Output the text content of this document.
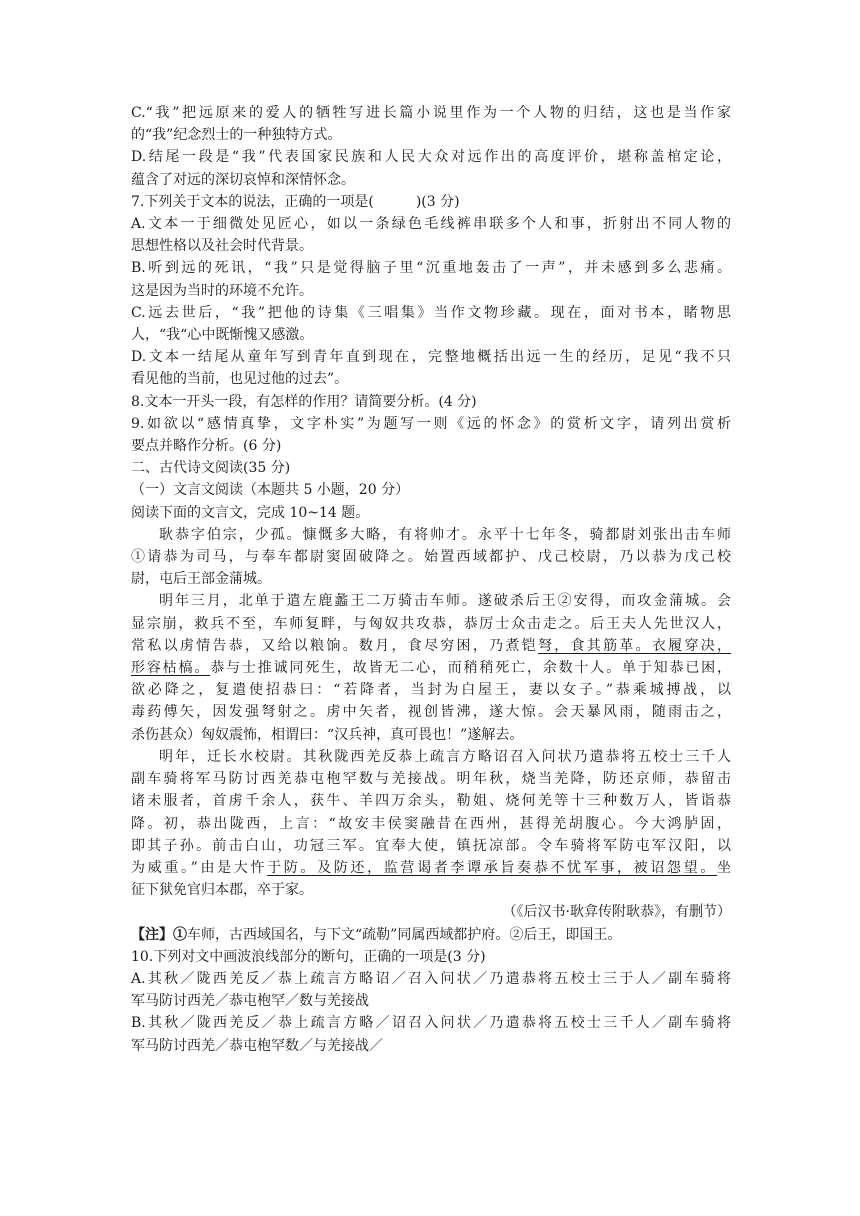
C.“我”把远原来的爱人的牺牲写进长篇小说里作为一个人物的归结，这也是当作家
的“我”纪念烈士的一种独特方式。
D.结尾一段是“我”代表国家民族和人民大众对远作出的高度评价，堪称盖棺定论，
蕴含了对远的深切哀悼和深情怀念。
7.下列关于文本的说法，正确的一项是(　　　)(3 分)
A.文本一于细微处见匠心，如以一条绿色毛线裤串联多个人和事，折射出不同人物的
思想性格以及社会时代背景。
B.听到远的死讯，“我”只是觉得脑子里“沉重地轰击了一声”，并未感到多么悲痛。
这是因为当时的环境不允许。
C.远去世后，“我”把他的诗集《三唱集》当作文物珍藏。现在，面对书本，睹物思
人，“我“心中既惭愧又感激。
D.文本一结尾从童年写到青年直到现在，完整地概括出远一生的经历，足见“我不只
看见他的当前，也见过他的过去”。
8.文本一开头一段，有怎样的作用？请简要分析。(4 分)
9.如欲以“感情真挚，文字朴实”为题写一则《远的怀念》的赏析文字，请列出赏析
要点并略作分析。(6 分)
二、古代诗文阅读(35 分)
（一）文言文阅读（本题共 5 小题，20 分）
阅读下面的文言文，完成 10~14 题。
耿恭字伯宗，少孤。慷慨多大略，有将帅才。永平十七年冬，骑都尉刘张出击车师
①请恭为司马，与奉车都尉窦固破降之。始置西域都护、戊己校尉，乃以恭为戊己校
尉，屯后王部金蒲城。
明年三月，北单于遣左鹿蠡王二万骑击车师。遂破杀后王②安得，而攻金蒲城。会
显宗崩，救兵不至，车师复畔，与匈奴共攻恭，恭厉士众击走之。后王夫人先世汉人，
常私以虏情告恭，又给以粮饷。数月，食尽穷困，乃煮铠弩，食其筋革。衣履穿决，
形容枯槁。恭与士推诚同死生，故皆无二心，而稍稍死亡，余数十人。单于知恭已困，
欲必降之，复遣使招恭曰：“若降者，当封为白屋王，妻以女子。”恭乘城搏战，以
毒药傅矢，因发强弩射之。虏中矢者，视创皆沸，遂大惊。会天暴风雨，随雨击之，
杀伤甚众）匈奴震怖，相谓曰：“汉兵神，真可畏也！”遂解去。
明年，迁长水校尉。其秋陇西羌反恭上疏言方略诏召入问状乃遣恭将五校士三千人
副车骑将军马防讨西羌恭屯枹罕数与羌接战。明年秋，烧当羌降，防还京师，恭留击
诸未服者，首虏千余人，获牛、羊四万余头，勒姐、烧何羌等十三种数万人，皆诣恭
降。初，恭出陇西，上言：“故安丰侯窦融昔在西州，甚得羌胡腹心。今大鸿胪固，
即其子孙。前击白山，功冠三军。宜奉大使，镇抚凉部。令车骑将军防屯军汉阳，以
为威重。”由是大忤于防。及防还，监营谒者李谭承旨奏恭不忧军事，被诏怨望。坐
征下狱免官归本郡，卒于家。
（《后汉书·耿弇传附耿恭》，有删节）
【注】①车师，古西域国名，与下文“疏勒”同属西域都护府。②后王，即国王。
10.下列对文中画波浪线部分的断句，正确的一项是(3 分)
A.其秋／陇西羌反／恭上疏言方略诏／召入问状／乃遣恭将五校士三于人／副车骑将
军马防讨西羌／恭屯枹罕／数与羌接战
B.其秋／陇西羌反／恭上疏言方略／诏召入问状／乃遣恭将五校士三千人／副车骑将
军马防讨西羌／恭屯枹罕数／与羌接战／
